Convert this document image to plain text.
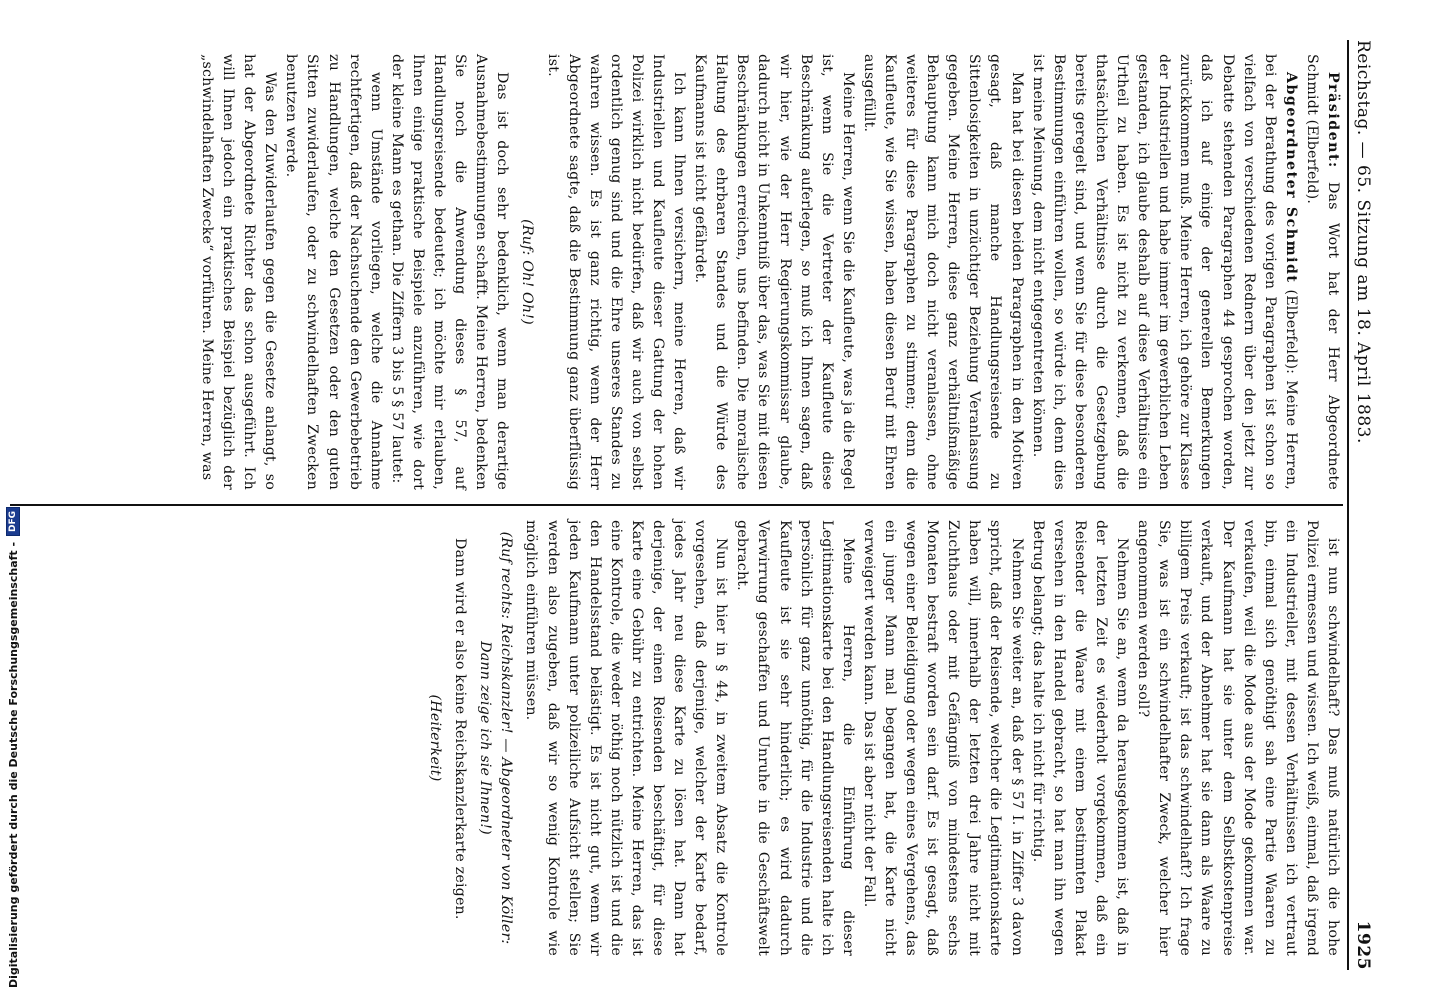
Reichstag. — 65. Sitzung am 18. April 1883.
1925

Präsident: Das Wort hat der Herr Abgeordnete Schmidt (Elberfeld).

Abgeordneter Schmidt (Elberfeld): Meine Herren, bei der Berathung des vorigen Paragraphen ist schon so vielfach von verschiedenen Rednern über den jetzt zur Debatte stehenden Paragraphen 44 gesprochen worden, daß ich auf einige der generellen Bemerkungen zurückkommen muß. Meine Herren, ich gehöre zur Klasse der Industriellen und habe immer im gewerblichen Leben gestanden, ich glaube deshalb auf diese Verhältnisse ein Urtheil zu haben. Es ist nicht zu verkennen, daß die thatsächlichen Verhältnisse durch die Gesetzgebung bereits geregelt sind, und wenn Sie für diese besonderen Bestimmungen einführen wollen, so würde ich, denn dies ist meine Meinung, dem nicht entgegentreten können.

Man hat bei diesen beiden Paragraphen in den Motiven gesagt, daß manche Handlungsreisende zu Sittenlosigkeiten in unzüchtiger Beziehung Veranlassung gegeben. Meine Herren, diese ganz verhältnißmäßige Behauptung kann mich doch nicht veranlassen, ohne weiteres für diese Paragraphen zu stimmen; denn die Kaufleute, wie Sie wissen, haben diesen Beruf mit Ehren ausgefüllt.

Meine Herren, wenn Sie die Kaufleute, was ja die Regel ist, wenn Sie die Vertreter der Kaufleute diese Beschränkung auferlegen, so muß ich Ihnen sagen, daß wir hier, wie der Herr Regierungskommissar glaube, dadurch nicht in Unkenntniß über das, was Sie mit diesen Beschränkungen erreichen, uns befinden. Die moralische Haltung des ehrbaren Standes und die Würde des Kaufmanns ist nicht gefährdet.

Ich kann Ihnen versichern, meine Herren, daß wir Industriellen und Kaufleute dieser Gattung der hohen Polizei wirklich nicht bedürfen, daß wir auch von selbst ordentlich genug sind und die Ehre unseres Standes zu wahren wissen. Es ist ganz richtig, wenn der Herr Abgeordnete sagte, daß die Bestimmung ganz überflüssig ist.

(Ruf: Oh! Oh!)

Das ist doch sehr bedenklich, wenn man derartige Ausnahmebestimmungen schafft. Meine Herren, bedenken Sie noch die Anwendung dieses § 57, auf Handlungsreisende bedeutet; ich möchte mir erlauben, Ihnen einige praktische Beispiele anzuführen, wie dort der kleine Mann es gethan. Die Ziffern 3 bis 5 § 57 lautet:

wenn Umstände vorliegen, welche die Annahme rechtfertigen, daß der Nachsuchende den Gewerbebetrieb zu Handlungen, welche den Gesetzen oder den guten Sitten zuwiderlaufen, oder zu schwindelhaften Zwecken benutzen werde.

Was den Zuwiderlaufen gegen die Gesetze anlangt, so hat der Abgeordnete Richter das schon ausgeführt. Ich will Ihnen jedoch ein praktisches Beispiel bezüglich der „schwindelhaften Zwecke“ vorführen. Meine Herren, was

ist nun schwindelhaft? Das muß natürlich die hohe Polizei ermessen und wissen. Ich weiß, einmal, daß irgend ein Industrieller, mit dessen Verhältnissen ich vertraut bin, einmal sich genöthigt sah eine Partie Waaren zu verkaufen, weil die Mode aus der Mode gekommen war. Der Kaufmann hat sie unter dem Selbstkostenpreise verkauft, und der Abnehmer hat sie dann als Waare zu billigem Preis verkauft; ist das schwindelhaft? Ich frage Sie, was ist ein schwindelhafter Zweck, welcher hier angenommen werden soll?

Nehmen Sie an, wenn da herausgekommen ist, daß in der letzten Zeit es wiederholt vorgekommen, daß ein Reisender die Waare mit einem bestimmten Plakat versehen in den Handel gebracht, so hat man ihn wegen Betrug belangt; das halte ich nicht für richtig.

Nehmen Sie weiter an, daß der § 57 I. in Ziffer 3 davon spricht, daß der Reisende, welcher die Legitimationskarte haben will, innerhalb der letzten drei Jahre nicht mit Zuchthaus oder mit Gefängniß von mindestens sechs Monaten bestraft worden sein darf. Es ist gesagt, daß wegen einer Beleidigung oder wegen eines Vergehens, das ein junger Mann mal begangen hat, die Karte nicht verweigert werden kann. Das ist aber nicht der Fall.

Meine Herren, die Einführung dieser Legitimationskarte bei den Handlungsreisenden halte ich persönlich für ganz unnöthig, für die Industrie und die Kaufleute ist sie sehr hinderlich; es wird dadurch Verwirrung geschaffen und Unruhe in die Geschäftswelt gebracht.

Nun ist hier in § 44, in zweitem Absatz die Kontrole vorgesehen, daß derjenige, welcher der Karte bedarf, jedes Jahr neu diese Karte zu lösen hat. Dann hat derjenige, der einen Reisenden beschäftigt, für diese Karte eine Gebühr zu entrichten. Meine Herren, das ist eine Kontrole, die weder nöthig noch nützlich ist und die den Handelsstand belästigt. Es ist nicht gut, wenn wir jeden Kaufmann unter polizeiliche Aufsicht stellen; Sie werden also zugeben, daß wir so wenig Kontrole wie möglich einführen müssen.

(Ruf rechts: Reichskanzler! — Abgeordneter von Köller: Dann zeige ich sie Ihnen!)

Dann wird er also keine Reichskanzlerkarte zeigen.

(Heiterkeit)

Digitalisierung gefördert durch die Deutsche Forschungsgemeinschaft -
DFG
